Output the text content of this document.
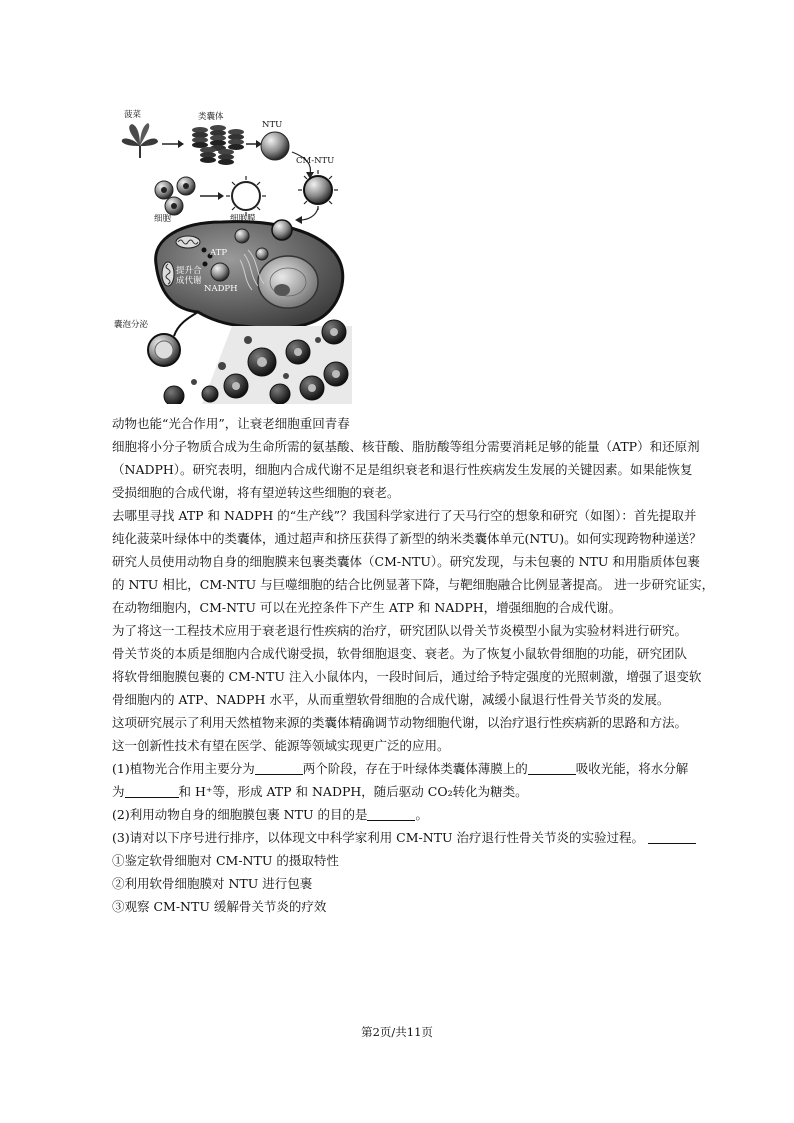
菠菜	类囊体
NTU
CM-NTU
细胞	细胞膜
ATP
提升合
成代谢
NADPH
囊泡分泌
动物也能“光合作用”，让衰老细胞重回青春
细胞将小分子物质合成为生命所需的氨基酸、核苷酸、脂肪酸等组分需要消耗足够的能量（ATP）和还原剂
（NADPH）。研究表明，细胞内合成代谢不足是组织衰老和退行性疾病发生发展的关键因素。如果能恢复
受损细胞的合成代谢，将有望逆转这些细胞的衰老。
去哪里寻找 ATP 和 NADPH 的“生产线”？我国科学家进行了天马行空的想象和研究（如图）：首先提取并
纯化菠菜叶绿体中的类囊体，通过超声和挤压获得了新型的纳米类囊体单元(NTU)。如何实现跨物种递送？
研究人员使用动物自身的细胞膜来包裹类囊体（CM-NTU）。研究发现，与未包裹的 NTU 和用脂质体包裹
的 NTU 相比，CM-NTU 与巨噬细胞的结合比例显著下降，与靶细胞融合比例显著提高。 进一步研究证实，
在动物细胞内，CM-NTU 可以在光控条件下产生 ATP 和 NADPH，增强细胞的合成代谢。
为了将这一工程技术应用于衰老退行性疾病的治疗，研究团队以骨关节炎模型小鼠为实验材料进行研究。
骨关节炎的本质是细胞内合成代谢受损，软骨细胞退变、衰老。为了恢复小鼠软骨细胞的功能，研究团队
将软骨细胞膜包裹的 CM-NTU 注入小鼠体内，一段时间后，通过给予特定强度的光照刺激，增强了退变软
骨细胞内的 ATP、NADPH 水平，从而重塑软骨细胞的合成代谢，减缓小鼠退行性骨关节炎的发展。
这项研究展示了利用天然植物来源的类囊体精确调节动物细胞代谢，以治疗退行性疾病新的思路和方法。
这一创新性技术有望在医学、能源等领域实现更广泛的应用。
(1)植物光合作用主要分为	两个阶段，存在于叶绿体类囊体薄膜上的	吸收光能，将水分解
为	和 H⁺等，形成 ATP 和 NADPH，随后驱动 CO₂转化为糖类。
(2)利用动物自身的细胞膜包裹 NTU 的目的是	。
(3)请对以下序号进行排序，以体现文中科学家利用 CM-NTU 治疗退行性骨关节炎的实验过程。
①鉴定软骨细胞对 CM-NTU 的摄取特性
②利用软骨细胞膜对 NTU 进行包裹
③观察 CM-NTU 缓解骨关节炎的疗效
第2页/共11页
